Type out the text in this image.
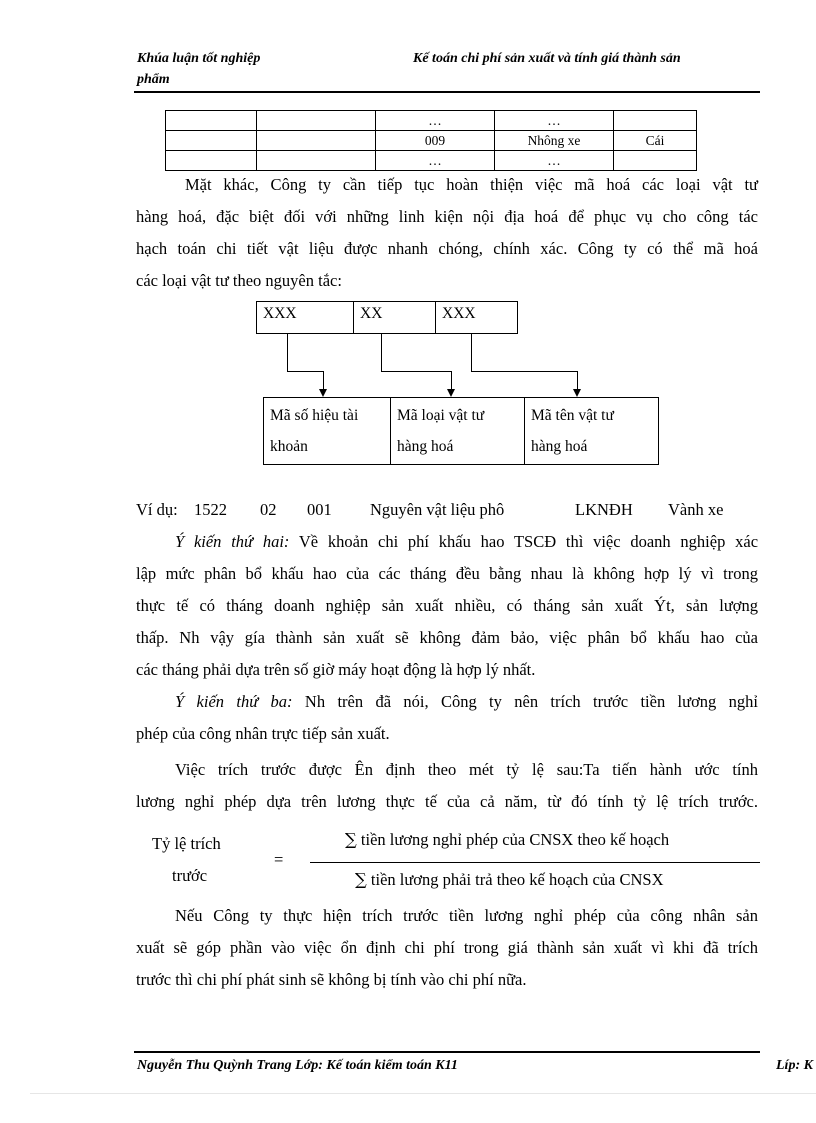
Khúa luận tốt nghiệp	Kế toán chi phí sản xuất và tính giá thành sản
phẩm
		…	…	
		009	Nhông xe	Cái
		…	…	
Mặt khác, Công ty cần tiếp tục hoàn thiện việc mã hoá các loại vật tư
hàng hoá, đặc biệt đối với những linh kiện nội địa hoá để phục vụ cho công tác
hạch toán chi tiết vật liệu được nhanh chóng, chính xác. Công ty có thể mã hoá
các loại vật tư theo nguyên tắc:
XXX	XX	XXX
Mã số hiệu tài
khoản
Mã loại vật tư
hàng hoá
Mã tên vật tư
hàng hoá
Ví dụ: 1522 02 001 Nguyên vật liệu phô	LKNĐH Vành xe
Ý kiến thứ hai: Về khoản chi phí khấu hao TSCĐ thì việc doanh nghiệp xác
lập mức phân bổ khấu hao của các tháng đều bằng nhau là không hợp lý vì trong
thực tế có tháng doanh nghiệp sản xuất nhiều, có tháng sản xuất Ýt, sản lượng
thấp. Nh vậy gía thành sản xuất sẽ không đảm bảo, việc phân bổ khấu hao của
các tháng phải dựa trên số giờ máy hoạt động là hợp lý nhất.
Ý kiến thứ ba: Nh trên đã nói, Công ty nên trích trước tiền lương nghỉ
phép của công nhân trực tiếp sản xuất.
Việc trích trước được Ên định theo mét tỷ lệ sau:Ta tiến hành ước tính
lương nghỉ phép dựa trên lương thực tế của cả năm, từ đó tính tỷ lệ trích trước.
Tỷ lệ trích
trước
=
∑ tiền lương nghỉ phép của CNSX theo kế hoạch
∑ tiền lương phải trả theo kế hoạch của CNSX
Nếu Công ty thực hiện trích trước tiền lương nghỉ phép của công nhân sản
xuất sẽ góp phần vào việc ổn định chi phí trong giá thành sản xuất vì khi đã trích
trước thì chi phí phát sinh sẽ không bị tính vào chi phí nữa.
Nguyễn Thu Quỳnh Trang Lớp: Kế toán kiểm toán K11	Líp: K
